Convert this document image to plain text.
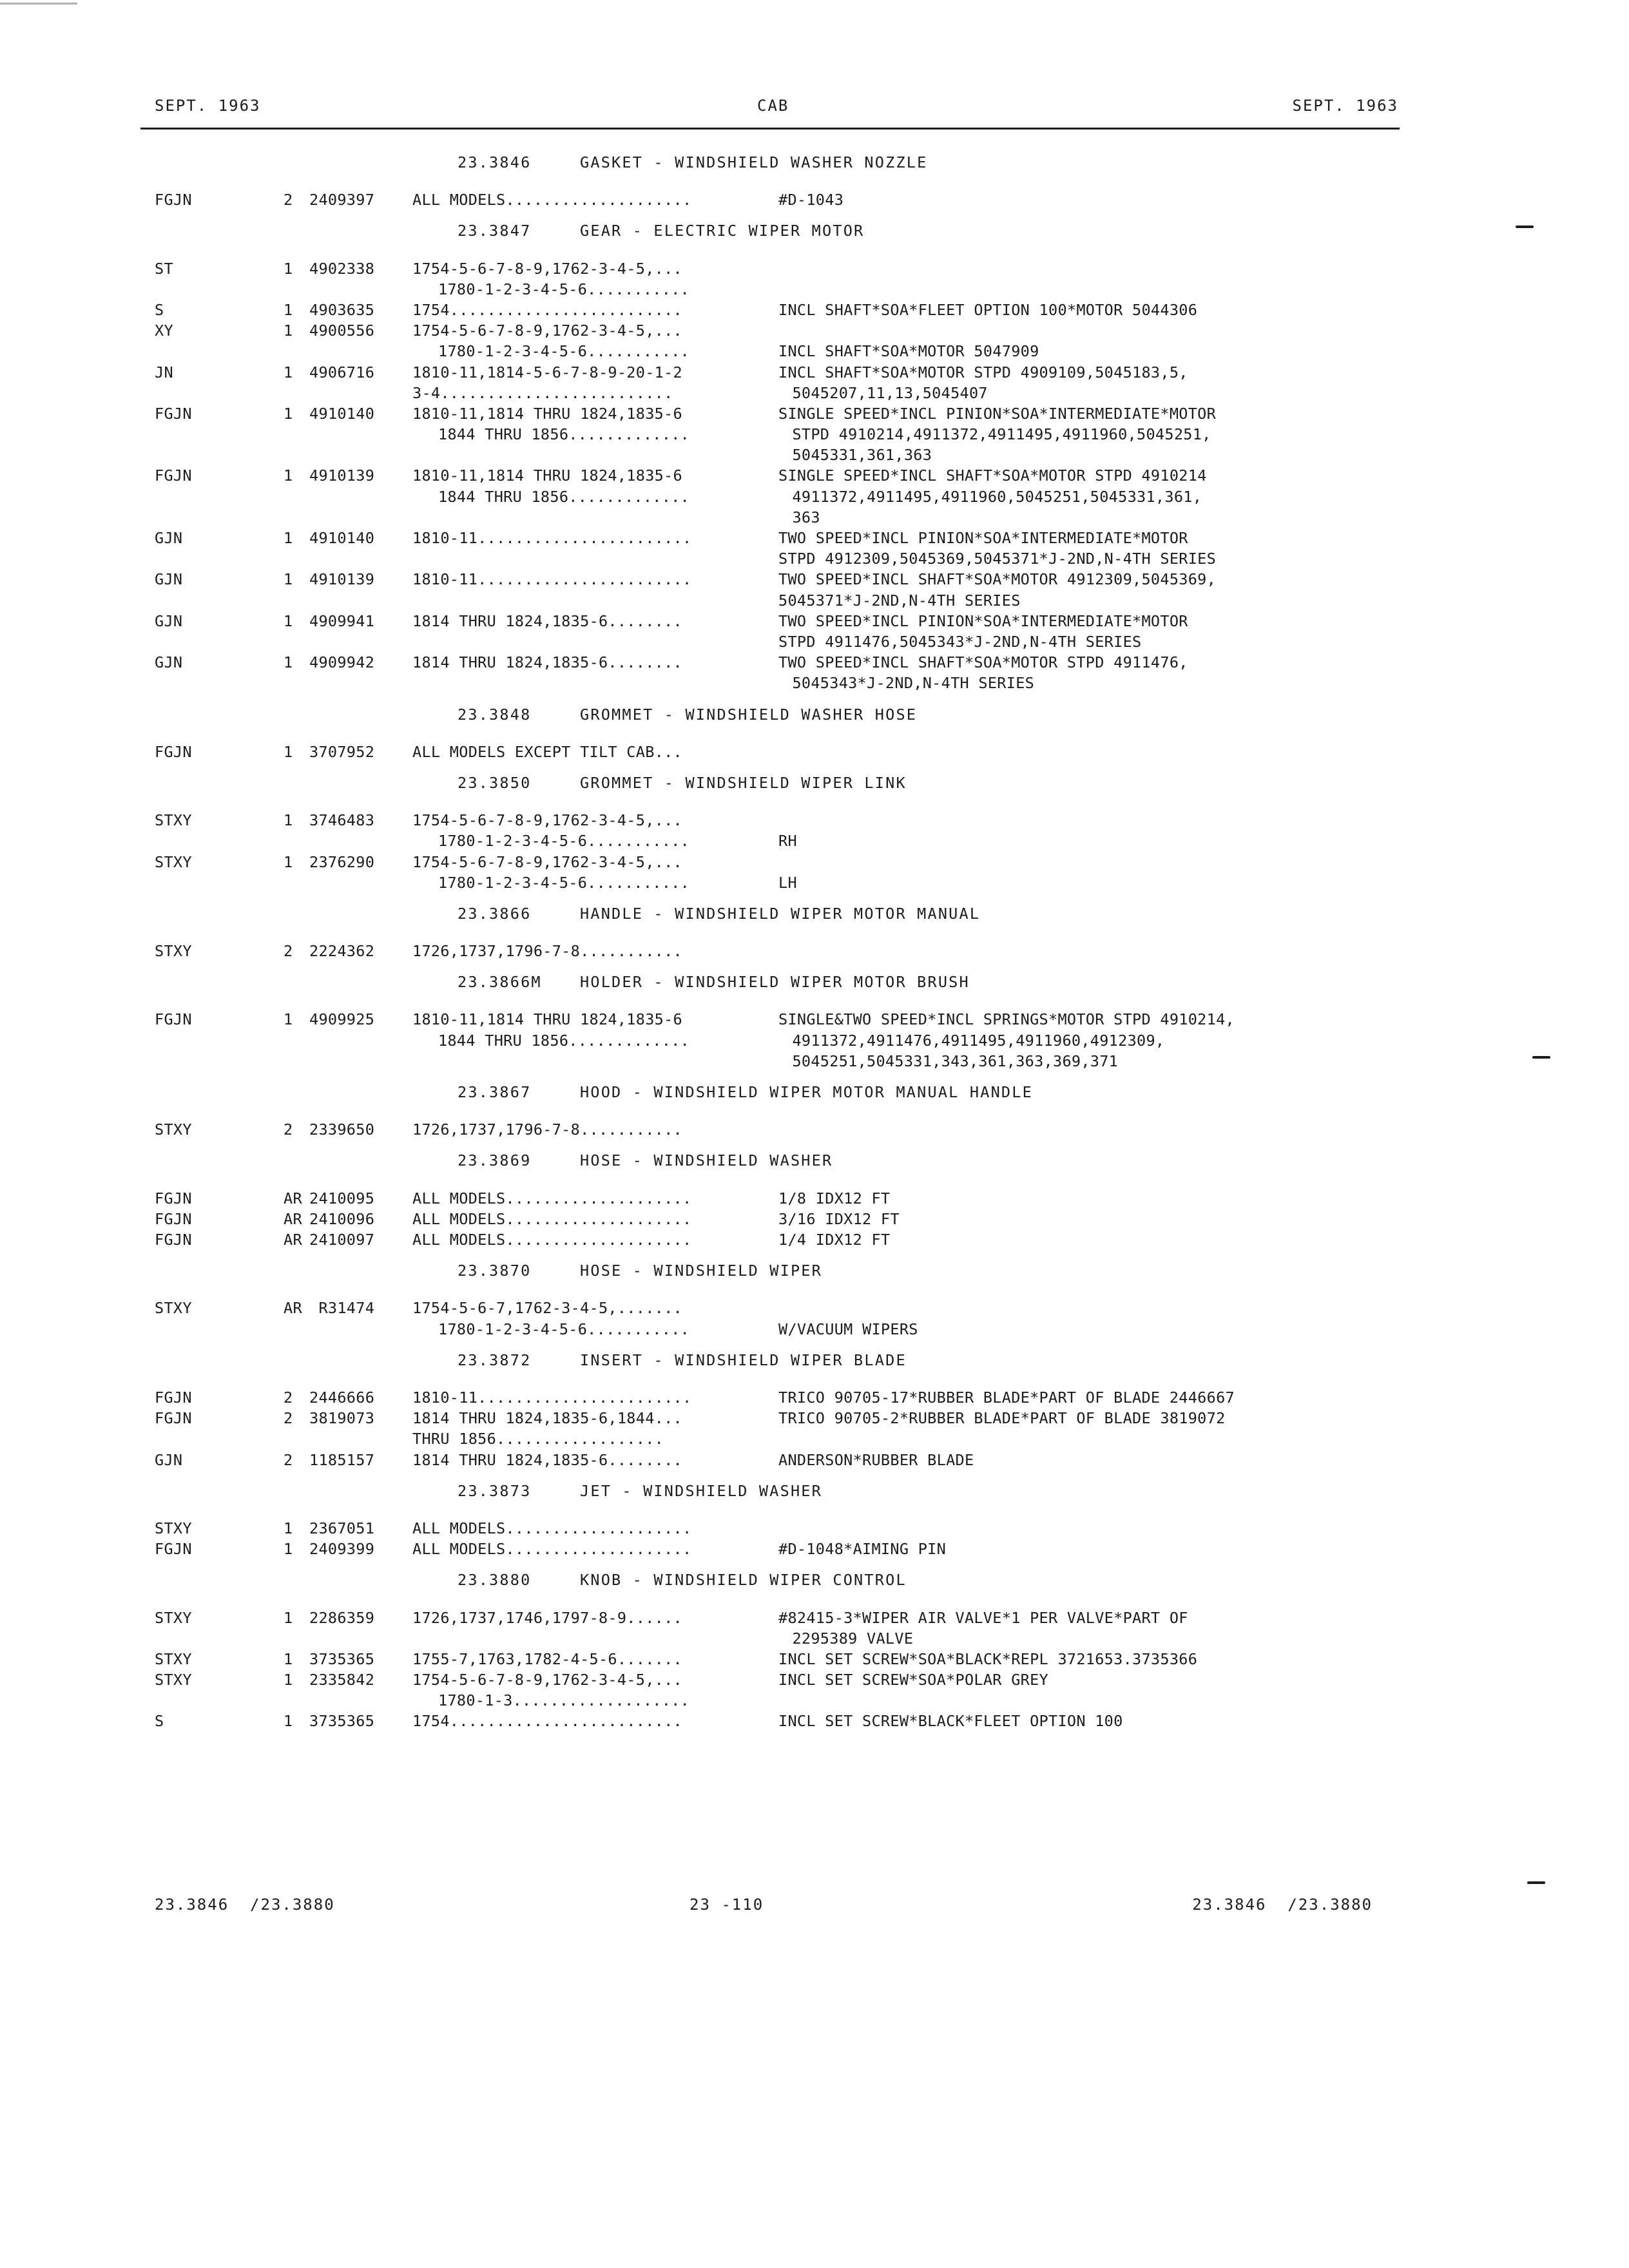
SEPT. 1963	CAB	SEPT. 1963
23.3846	GASKET - WINDSHIELD WASHER NOZZLE
FGJN	2 2409397	ALL MODELS....................	#D-1043
23.3847	GEAR - ELECTRIC WIPER MOTOR
ST	1 4902338	1754-5-6-7-8-9,1762-3-4-5,...
1780-1-2-3-4-5-6...........
S	1 4903635	1754.........................	INCL SHAFT*SOA*FLEET OPTION 100*MOTOR 5044306
XY	1 4900556	1754-5-6-7-8-9,1762-3-4-5,...
1780-1-2-3-4-5-6...........	INCL SHAFT*SOA*MOTOR 5047909
JN	1 4906716	1810-11,1814-5-6-7-8-9-20-1-2	INCL SHAFT*SOA*MOTOR STPD 4909109,5045183,5,
3-4.........................	5045207,11,13,5045407
FGJN	1 4910140	1810-11,1814 THRU 1824,1835-6	SINGLE SPEED*INCL PINION*SOA*INTERMEDIATE*MOTOR
1844 THRU 1856.............	STPD 4910214,4911372,4911495,4911960,5045251,
5045331,361,363
FGJN	1 4910139	1810-11,1814 THRU 1824,1835-6	SINGLE SPEED*INCL SHAFT*SOA*MOTOR STPD 4910214
1844 THRU 1856.............	4911372,4911495,4911960,5045251,5045331,361,
363
GJN	1 4910140	1810-11.......................	TWO SPEED*INCL PINION*SOA*INTERMEDIATE*MOTOR
STPD 4912309,5045369,5045371*J-2ND,N-4TH SERIES
GJN	1 4910139	1810-11.......................	TWO SPEED*INCL SHAFT*SOA*MOTOR 4912309,5045369,
5045371*J-2ND,N-4TH SERIES
GJN	1 4909941	1814 THRU 1824,1835-6........	TWO SPEED*INCL PINION*SOA*INTERMEDIATE*MOTOR
STPD 4911476,5045343*J-2ND,N-4TH SERIES
GJN	1 4909942	1814 THRU 1824,1835-6........	TWO SPEED*INCL SHAFT*SOA*MOTOR STPD 4911476,
5045343*J-2ND,N-4TH SERIES
23.3848	GROMMET - WINDSHIELD WASHER HOSE
FGJN	1 3707952	ALL MODELS EXCEPT TILT CAB...
23.3850	GROMMET - WINDSHIELD WIPER LINK
STXY	1 3746483	1754-5-6-7-8-9,1762-3-4-5,...
1780-1-2-3-4-5-6...........	RH
STXY	1 2376290	1754-5-6-7-8-9,1762-3-4-5,...
1780-1-2-3-4-5-6...........	LH
23.3866	HANDLE - WINDSHIELD WIPER MOTOR MANUAL
STXY	2 2224362	1726,1737,1796-7-8...........
23.3866M	HOLDER - WINDSHIELD WIPER MOTOR BRUSH
FGJN	1 4909925	1810-11,1814 THRU 1824,1835-6	SINGLE&TWO SPEED*INCL SPRINGS*MOTOR STPD 4910214,
1844 THRU 1856.............	4911372,4911476,4911495,4911960,4912309,
5045251,5045331,343,361,363,369,371
23.3867	HOOD - WINDSHIELD WIPER MOTOR MANUAL HANDLE
STXY	2 2339650	1726,1737,1796-7-8...........
23.3869	HOSE - WINDSHIELD WASHER
FGJN	AR 2410095	ALL MODELS....................	1/8 IDX12 FT
FGJN	AR 2410096	ALL MODELS....................	3/16 IDX12 FT
FGJN	AR 2410097	ALL MODELS....................	1/4 IDX12 FT
23.3870	HOSE - WINDSHIELD WIPER
STXY	AR R31474	1754-5-6-7,1762-3-4-5,.......
1780-1-2-3-4-5-6...........	W/VACUUM WIPERS
23.3872	INSERT - WINDSHIELD WIPER BLADE
FGJN	2 2446666	1810-11.......................	TRICO 90705-17*RUBBER BLADE*PART OF BLADE 2446667
FGJN	2 3819073	1814 THRU 1824,1835-6,1844...	TRICO 90705-2*RUBBER BLADE*PART OF BLADE 3819072
THRU 1856..................
GJN	2 1185157	1814 THRU 1824,1835-6........	ANDERSON*RUBBER BLADE
23.3873	JET - WINDSHIELD WASHER
STXY	1 2367051	ALL MODELS....................
FGJN	1 2409399	ALL MODELS....................	#D-1048*AIMING PIN
23.3880	KNOB - WINDSHIELD WIPER CONTROL
STXY	1 2286359	1726,1737,1746,1797-8-9......	#82415-3*WIPER AIR VALVE*1 PER VALVE*PART OF
2295389 VALVE
STXY	1 3735365	1755-7,1763,1782-4-5-6.......	INCL SET SCREW*SOA*BLACK*REPL 3721653.3735366
STXY	1 2335842	1754-5-6-7-8-9,1762-3-4-5,...	INCL SET SCREW*SOA*POLAR GREY
1780-1-3...................
S	1 3735365	1754.........................	INCL SET SCREW*BLACK*FLEET OPTION 100
23.3846  /23.3880	23 -110	23.3846  /23.3880
